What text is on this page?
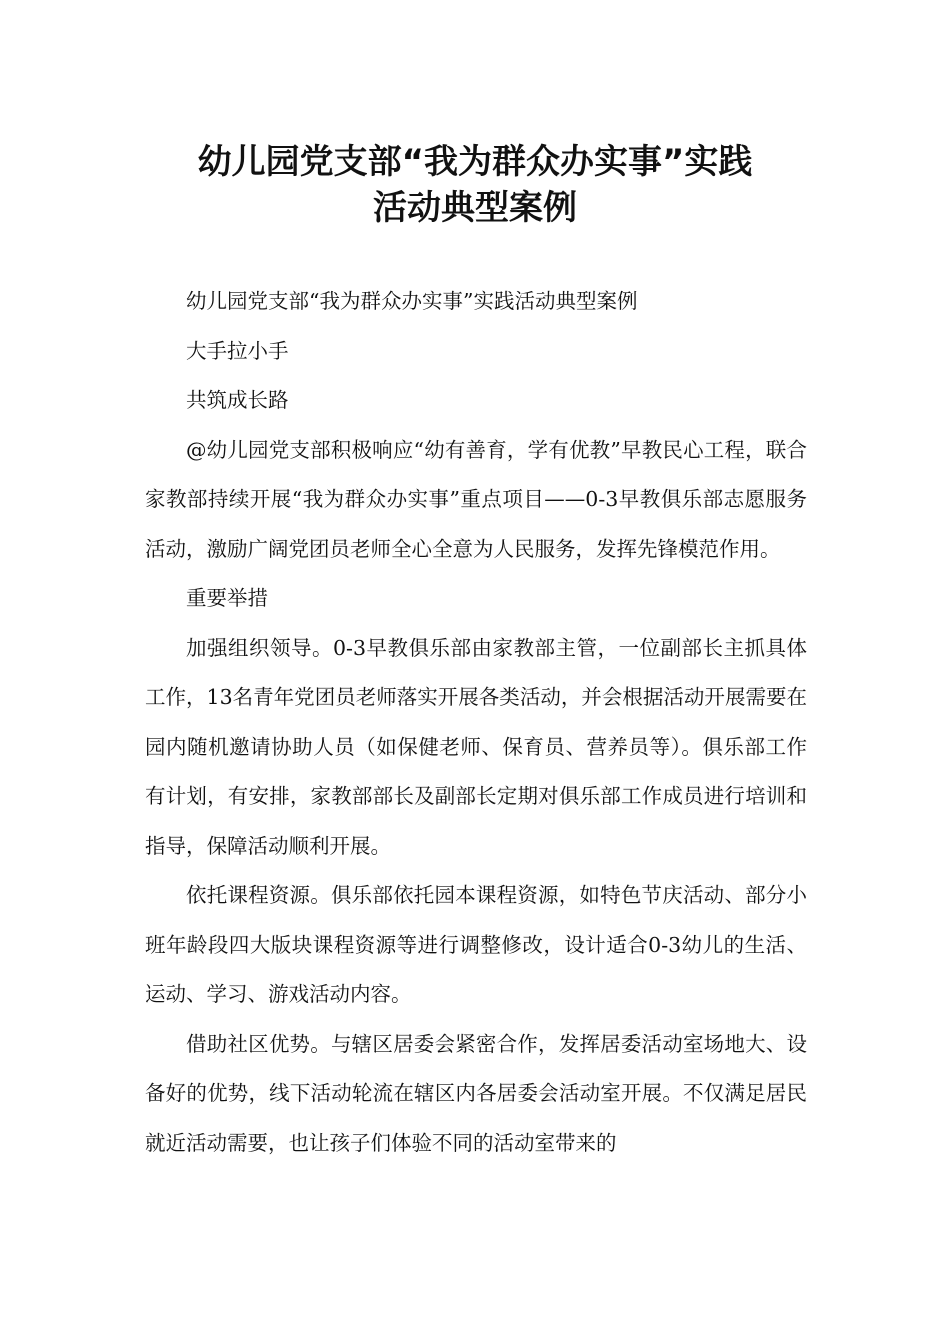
幼儿园党支部“我为群众办实事”实践
活动典型案例

幼儿园党支部“我为群众办实事”实践活动典型案例

大手拉小手

共筑成长路

@幼儿园党支部积极响应“幼有善育，学有优教”早教民心工程，联合家教部持续开展“我为群众办实事”重点项目——0-3早教俱乐部志愿服务活动，激励广阔党团员老师全心全意为人民服务，发挥先锋模范作用。

重要举措

加强组织领导。0-3早教俱乐部由家教部主管，一位副部长主抓具体工作，13名青年党团员老师落实开展各类活动，并会根据活动开展需要在园内随机邀请协助人员（如保健老师、保育员、营养员等）。俱乐部工作有计划，有安排，家教部部长及副部长定期对俱乐部工作成员进行培训和指导，保障活动顺利开展。

依托课程资源。俱乐部依托园本课程资源，如特色节庆活动、部分小班年龄段四大版块课程资源等进行调整修改，设计适合0-3幼儿的生活、运动、学习、游戏活动内容。

借助社区优势。与辖区居委会紧密合作，发挥居委活动室场地大、设备好的优势，线下活动轮流在辖区内各居委会活动室开展。不仅满足居民就近活动需要，也让孩子们体验不同的活动室带来的
